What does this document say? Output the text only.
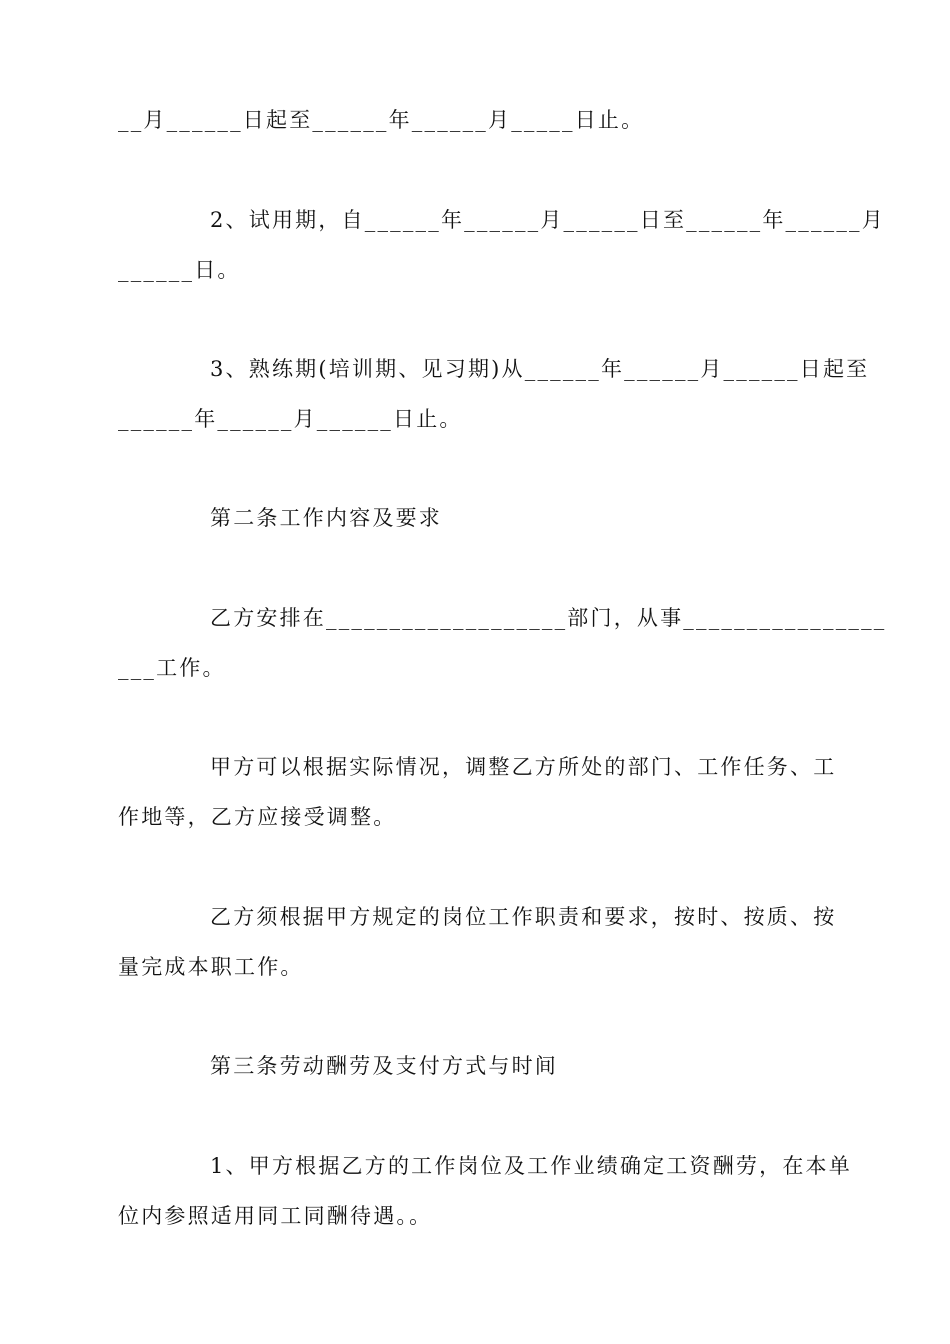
__月______日起至______年______月_____日止。
2、试用期，自______年______月______日至______年______月
______日。
3、熟练期(培训期、见习期)从______年______月______日起至
______年______月______日止。
第二条工作内容及要求
乙方安排在___________________部门，从事________________
___工作。
甲方可以根据实际情况，调整乙方所处的部门、工作任务、工
作地等，乙方应接受调整。
乙方须根据甲方规定的岗位工作职责和要求，按时、按质、按
量完成本职工作。
第三条劳动酬劳及支付方式与时间
1、甲方根据乙方的工作岗位及工作业绩确定工资酬劳，在本单
位内参照适用同工同酬待遇。。
